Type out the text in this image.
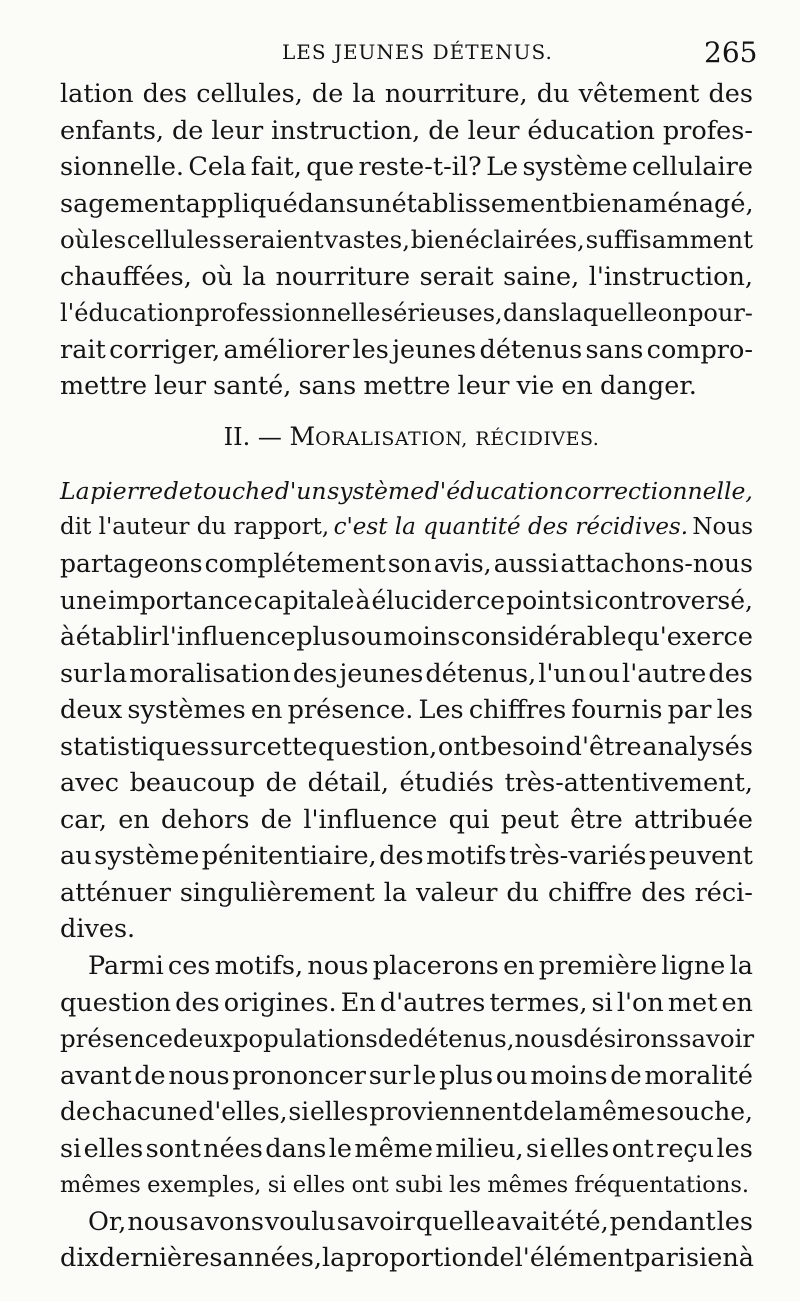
LES JEUNES DÉTENUS.	265
lation des cellules, de la nourriture, du vêtement des
enfants, de leur instruction, de leur éducation profes-
sionnelle. Cela fait, que reste-t-il? Le système cellulaire
sagement appliqué dans un établissement bien aménagé,
où les cellules seraient vastes, bien éclairées, suffisamment
chauffées, où la nourriture serait saine, l'instruction,
l'éducation professionnelle sérieuses, dans laquelle on pour-
rait corriger, améliorer les jeunes détenus sans compro-
mettre leur santé, sans mettre leur vie en danger.
II. — MORALISATION, RÉCIDIVES.
La pierre de touche d'un système d'éducation correctionnelle,
dit l'auteur du rapport, c'est la quantité des récidives. Nous
partageons complétement son avis, aussi attachons-nous
une importance capitale à élucider ce point si controversé,
à établir l'influence plus ou moins considérable qu'exerce
sur la moralisation des jeunes détenus, l'un ou l'autre des
deux systèmes en présence. Les chiffres fournis par les
statistiques sur cette question, ont besoin d'être analysés
avec beaucoup de détail, étudiés très-attentivement,
car, en dehors de l'influence qui peut être attribuée
au système pénitentiaire, des motifs très-variés peuvent
atténuer singulièrement la valeur du chiffre des réci-
dives.
Parmi ces motifs, nous placerons en première ligne la
question des origines. En d'autres termes, si l'on met en
présence deux populations de détenus, nous désirons savoir
avant de nous prononcer sur le plus ou moins de moralité
de chacune d'elles, si elles proviennent de la même souche,
si elles sont nées dans le même milieu, si elles ont reçu les
mêmes exemples, si elles ont subi les mêmes fréquentations.
Or, nous avons voulu savoir quelle avait été, pendant les
dix dernières années, la proportion de l'élément parisien à
